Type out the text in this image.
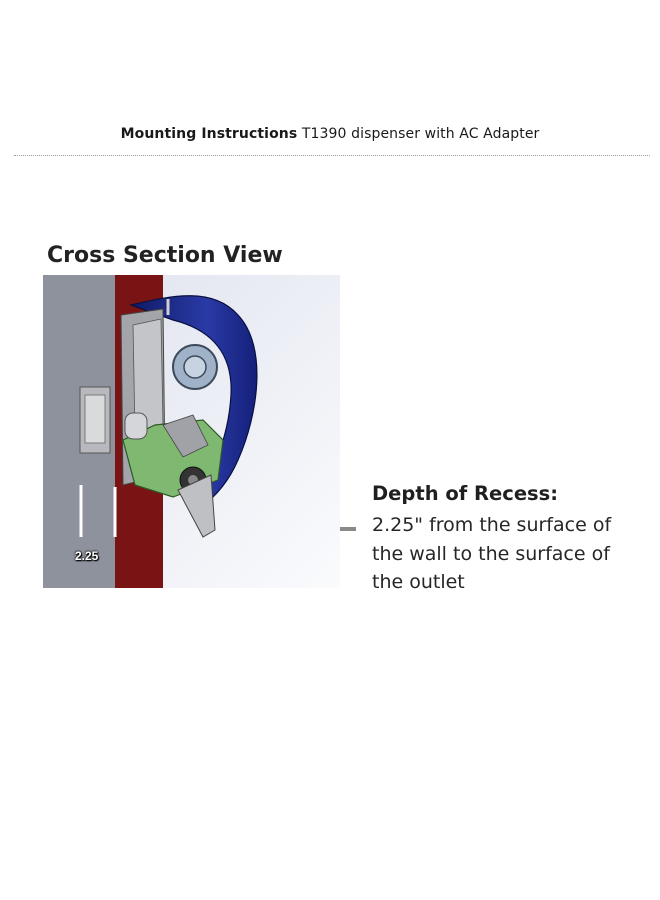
Mounting Instructions T1390 dispenser with AC Adapter
Cross Section View
2.25
Depth of Recess:
2.25" from the surface of the wall to the surface of the outlet
